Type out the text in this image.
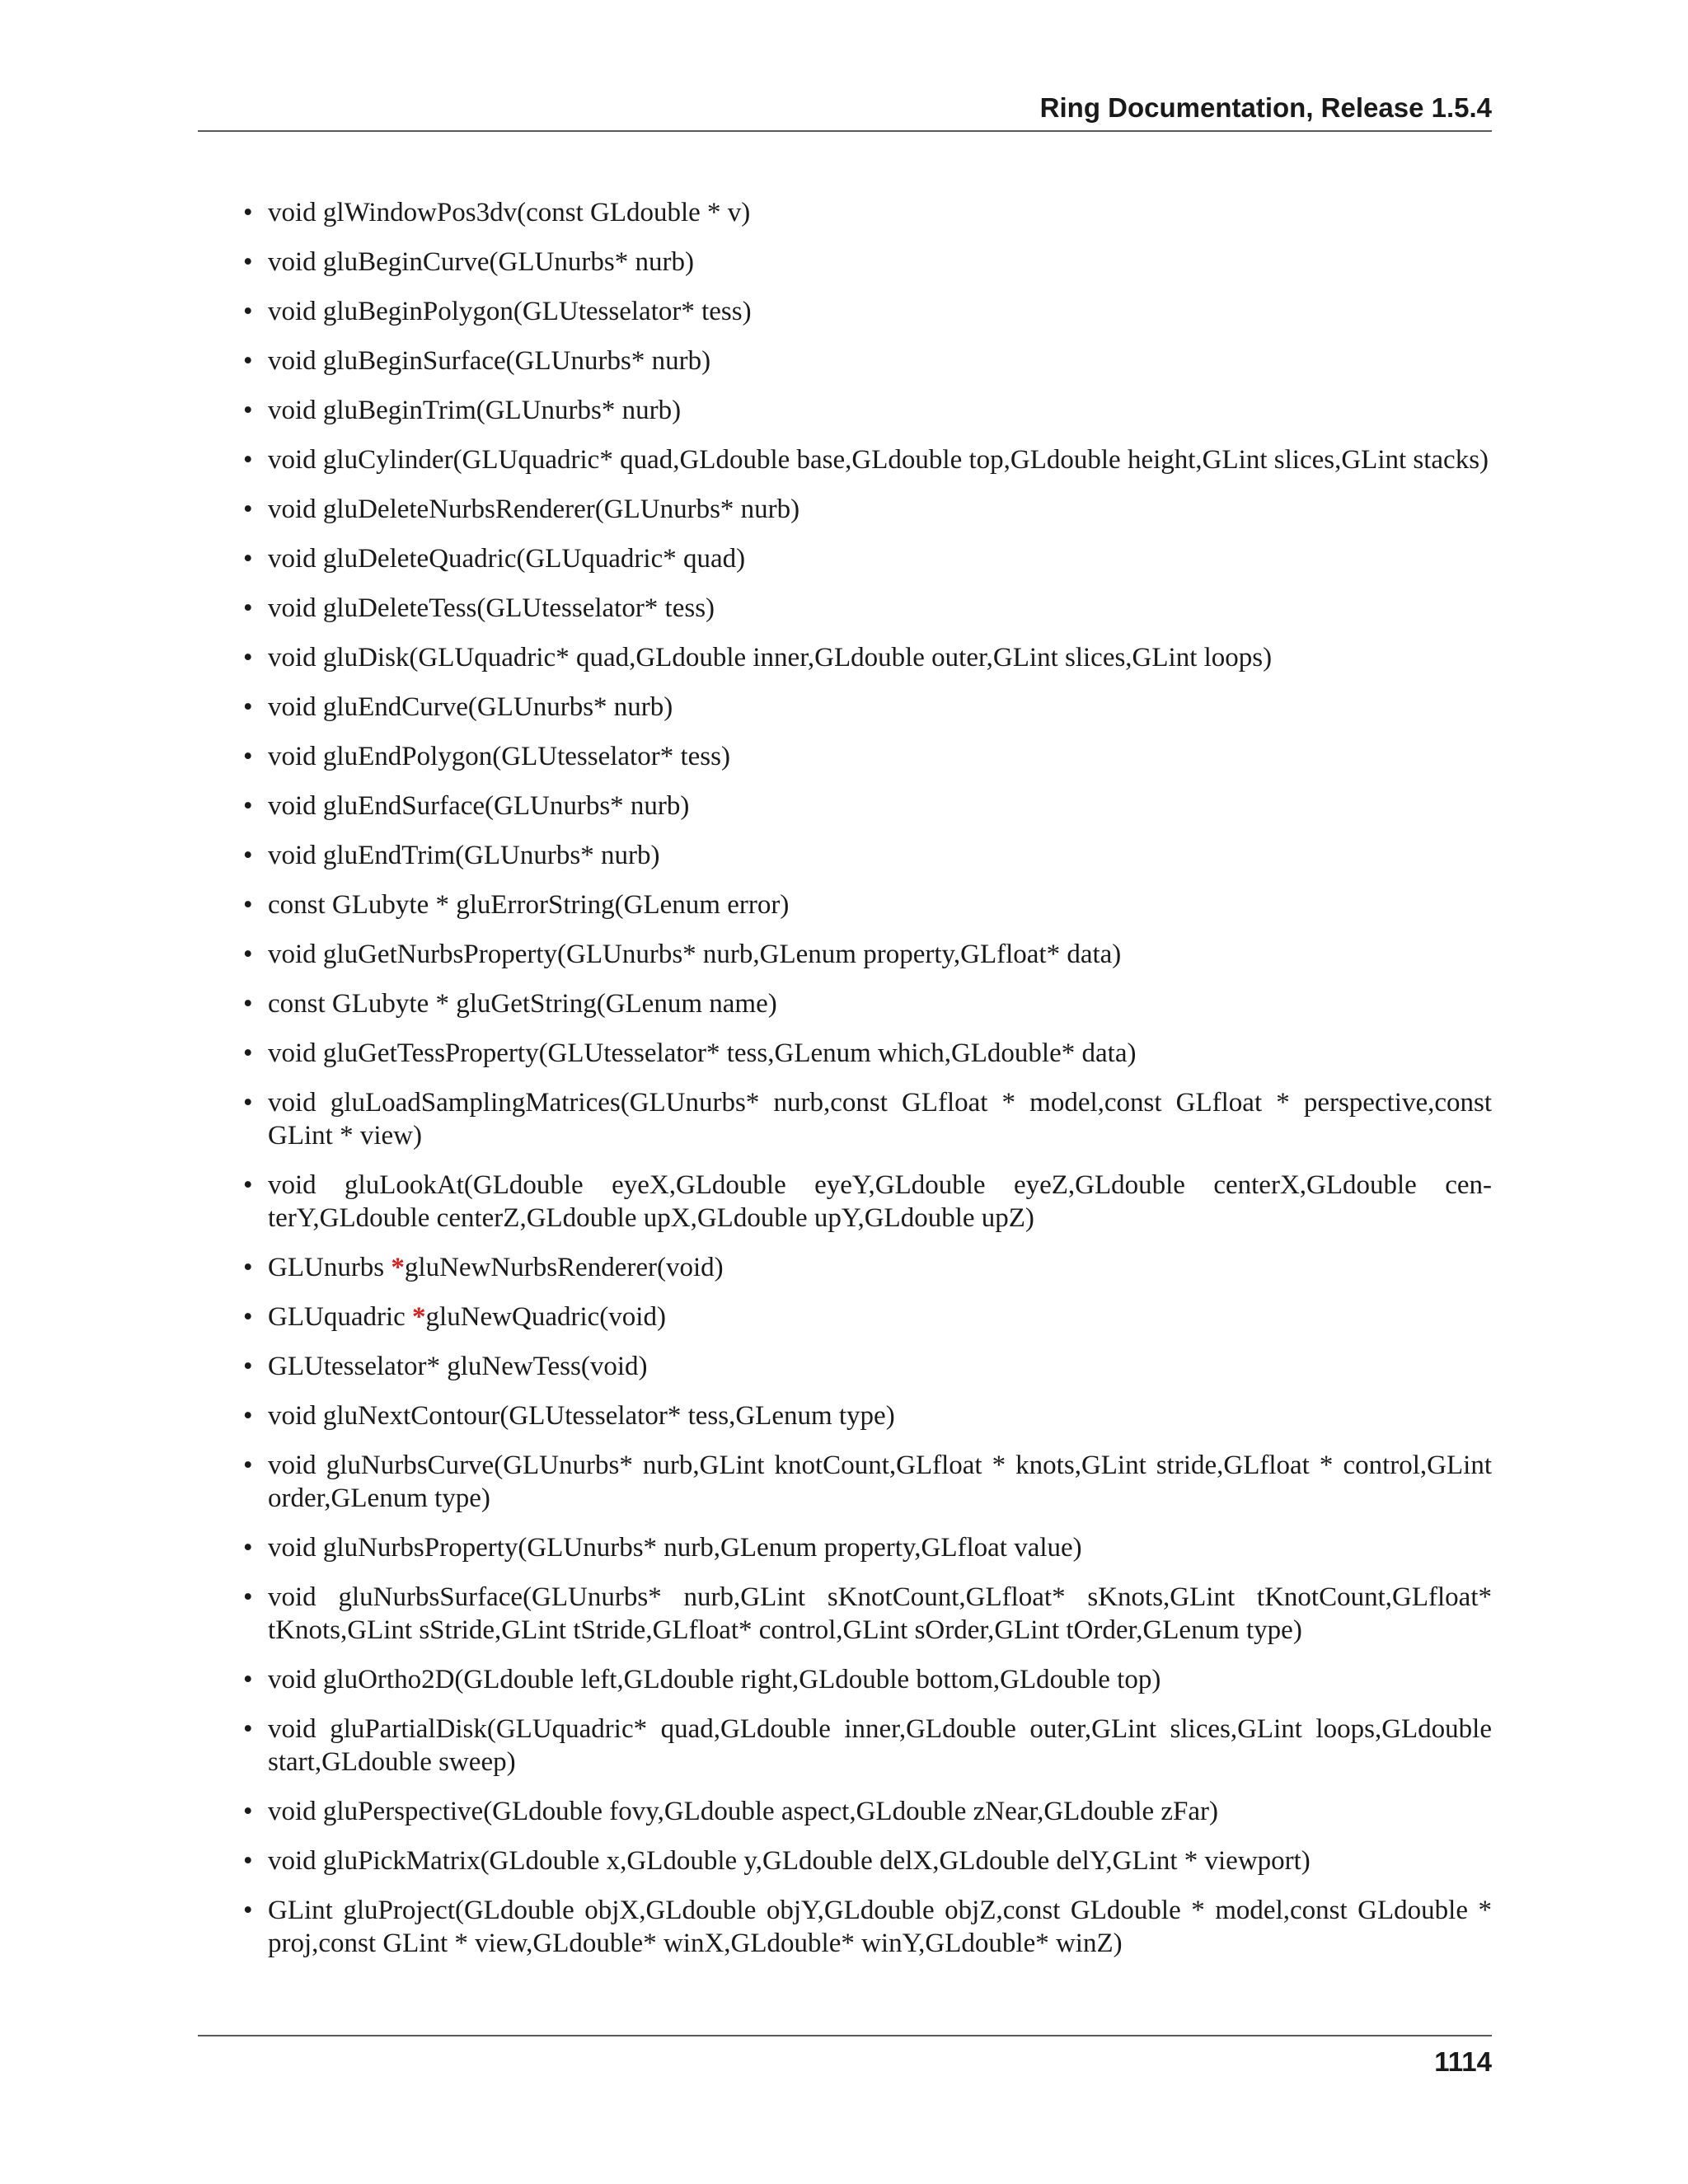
Ring Documentation, Release 1.5.4
• void glWindowPos3dv(const GLdouble * v)
• void gluBeginCurve(GLUnurbs* nurb)
• void gluBeginPolygon(GLUtesselator* tess)
• void gluBeginSurface(GLUnurbs* nurb)
• void gluBeginTrim(GLUnurbs* nurb)
• void gluCylinder(GLUquadric* quad,GLdouble base,GLdouble top,GLdouble height,GLint slices,GLint stacks)
• void gluDeleteNurbsRenderer(GLUnurbs* nurb)
• void gluDeleteQuadric(GLUquadric* quad)
• void gluDeleteTess(GLUtesselator* tess)
• void gluDisk(GLUquadric* quad,GLdouble inner,GLdouble outer,GLint slices,GLint loops)
• void gluEndCurve(GLUnurbs* nurb)
• void gluEndPolygon(GLUtesselator* tess)
• void gluEndSurface(GLUnurbs* nurb)
• void gluEndTrim(GLUnurbs* nurb)
• const GLubyte * gluErrorString(GLenum error)
• void gluGetNurbsProperty(GLUnurbs* nurb,GLenum property,GLfloat* data)
• const GLubyte * gluGetString(GLenum name)
• void gluGetTessProperty(GLUtesselator* tess,GLenum which,GLdouble* data)
• void gluLoadSamplingMatrices(GLUnurbs* nurb,const GLfloat * model,const GLfloat * perspective,const GLint * view)
• void gluLookAt(GLdouble eyeX,GLdouble eyeY,GLdouble eyeZ,GLdouble centerX,GLdouble cen- terY,GLdouble centerZ,GLdouble upX,GLdouble upY,GLdouble upZ)
• GLUnurbs *gluNewNurbsRenderer(void)
• GLUquadric *gluNewQuadric(void)
• GLUtesselator* gluNewTess(void)
• void gluNextContour(GLUtesselator* tess,GLenum type)
• void gluNurbsCurve(GLUnurbs* nurb,GLint knotCount,GLfloat * knots,GLint stride,GLfloat * control,GLint order,GLenum type)
• void gluNurbsProperty(GLUnurbs* nurb,GLenum property,GLfloat value)
• void gluNurbsSurface(GLUnurbs* nurb,GLint sKnotCount,GLfloat* sKnots,GLint tKnotCount,GLfloat* tKnots,GLint sStride,GLint tStride,GLfloat* control,GLint sOrder,GLint tOrder,GLenum type)
• void gluOrtho2D(GLdouble left,GLdouble right,GLdouble bottom,GLdouble top)
• void gluPartialDisk(GLUquadric* quad,GLdouble inner,GLdouble outer,GLint slices,GLint loops,GLdouble start,GLdouble sweep)
• void gluPerspective(GLdouble fovy,GLdouble aspect,GLdouble zNear,GLdouble zFar)
• void gluPickMatrix(GLdouble x,GLdouble y,GLdouble delX,GLdouble delY,GLint * viewport)
• GLint gluProject(GLdouble objX,GLdouble objY,GLdouble objZ,const GLdouble * model,const GLdouble * proj,const GLint * view,GLdouble* winX,GLdouble* winY,GLdouble* winZ)
1114
